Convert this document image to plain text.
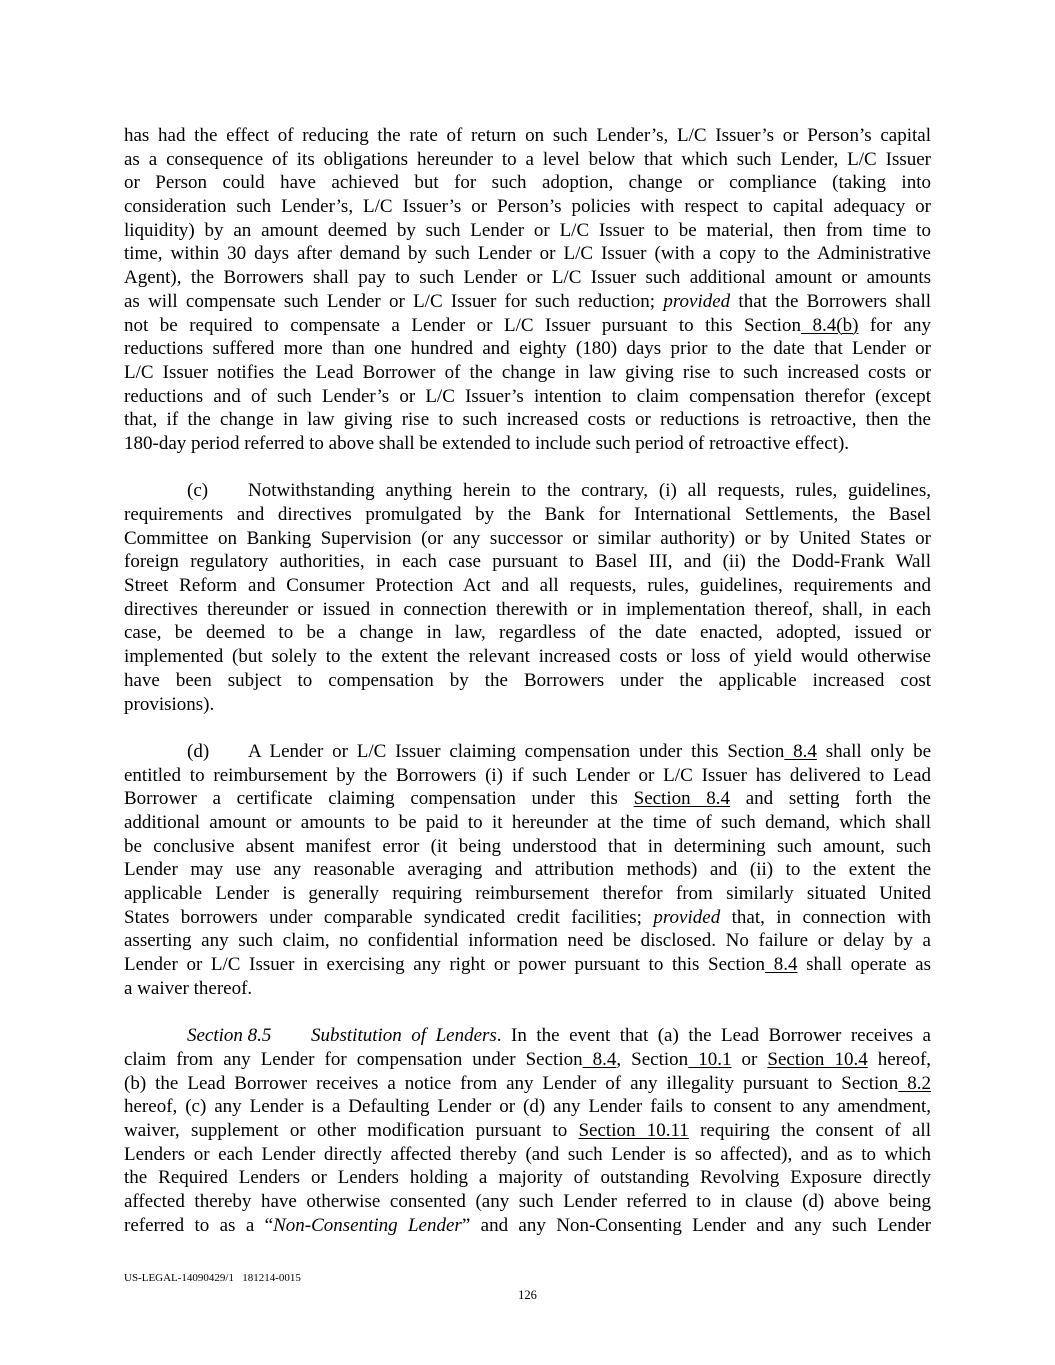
has had the effect of reducing the rate of return on such Lender’s, L/C Issuer’s or Person’s capital
as a consequence of its obligations hereunder to a level below that which such Lender, L/C Issuer
or Person could have achieved but for such adoption, change or compliance (taking into
consideration such Lender’s, L/C Issuer’s or Person’s policies with respect to capital adequacy or
liquidity) by an amount deemed by such Lender or L/C Issuer to be material, then from time to
time, within 30 days after demand by such Lender or L/C Issuer (with a copy to the Administrative
Agent), the Borrowers shall pay to such Lender or L/C Issuer such additional amount or amounts
as will compensate such Lender or L/C Issuer for such reduction; provided that the Borrowers shall
not be required to compensate a Lender or L/C Issuer pursuant to this Section 8.4(b) for any
reductions suffered more than one hundred and eighty (180) days prior to the date that Lender or
L/C Issuer notifies the Lead Borrower of the change in law giving rise to such increased costs or
reductions and of such Lender’s or L/C Issuer’s intention to claim compensation therefor (except
that, if the change in law giving rise to such increased costs or reductions is retroactive, then the
180-day period referred to above shall be extended to include such period of retroactive effect).
(c) Notwithstanding anything herein to the contrary, (i) all requests, rules, guidelines,
requirements and directives promulgated by the Bank for International Settlements, the Basel
Committee on Banking Supervision (or any successor or similar authority) or by United States or
foreign regulatory authorities, in each case pursuant to Basel III, and (ii) the Dodd-Frank Wall
Street Reform and Consumer Protection Act and all requests, rules, guidelines, requirements and
directives thereunder or issued in connection therewith or in implementation thereof, shall, in each
case, be deemed to be a change in law, regardless of the date enacted, adopted, issued or
implemented (but solely to the extent the relevant increased costs or loss of yield would otherwise
have been subject to compensation by the Borrowers under the applicable increased cost
provisions).
(d) A Lender or L/C Issuer claiming compensation under this Section 8.4 shall only be
entitled to reimbursement by the Borrowers (i) if such Lender or L/C Issuer has delivered to Lead
Borrower a certificate claiming compensation under this Section 8.4 and setting forth the
additional amount or amounts to be paid to it hereunder at the time of such demand, which shall
be conclusive absent manifest error (it being understood that in determining such amount, such
Lender may use any reasonable averaging and attribution methods) and (ii) to the extent the
applicable Lender is generally requiring reimbursement therefor from similarly situated United
States borrowers under comparable syndicated credit facilities; provided that, in connection with
asserting any such claim, no confidential information need be disclosed. No failure or delay by a
Lender or L/C Issuer in exercising any right or power pursuant to this Section 8.4 shall operate as
a waiver thereof.
Section 8.5 Substitution of Lenders. In the event that (a) the Lead Borrower receives a
claim from any Lender for compensation under Section 8.4, Section 10.1 or Section 10.4 hereof,
(b) the Lead Borrower receives a notice from any Lender of any illegality pursuant to Section 8.2
hereof, (c) any Lender is a Defaulting Lender or (d) any Lender fails to consent to any amendment,
waiver, supplement or other modification pursuant to Section 10.11 requiring the consent of all
Lenders or each Lender directly affected thereby (and such Lender is so affected), and as to which
the Required Lenders or Lenders holding a majority of outstanding Revolving Exposure directly
affected thereby have otherwise consented (any such Lender referred to in clause (d) above being
referred to as a “Non-Consenting Lender” and any Non-Consenting Lender and any such Lender
US-LEGAL-14090429/1   181214-0015
126
